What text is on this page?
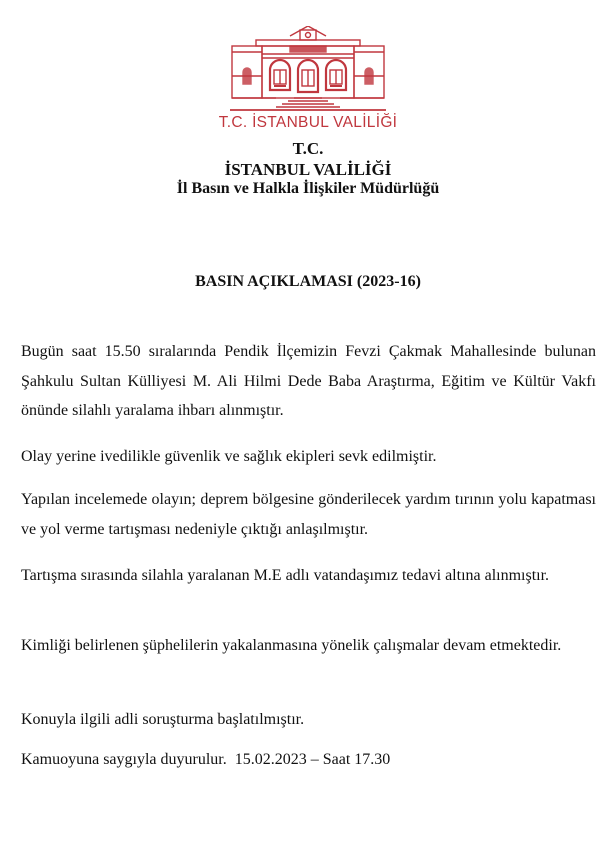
T.C. İSTANBUL VALİLİĞİ
T.C.
İSTANBUL VALİLİĞİ
İl Basın ve Halkla İlişkiler Müdürlüğü
BASIN AÇIKLAMASI (2023-16)

Bugün saat 15.50 sıralarında Pendik İlçemizin Fevzi Çakmak Mahallesinde bulunan Şahkulu Sultan Külliyesi M. Ali Hilmi Dede Baba Araştırma, Eğitim ve Kültür Vakfı önünde silahlı yaralama ihbarı alınmıştır.

Olay yerine ivedilikle güvenlik ve sağlık ekipleri sevk edilmiştir.

Yapılan incelemede olayın; deprem bölgesine gönderilecek yardım tırının yolu kapatması ve yol verme tartışması nedeniyle çıktığı anlaşılmıştır.

Tartışma sırasında silahla yaralanan M.E adlı vatandaşımız tedavi altına alınmıştır.

Kimliği belirlenen şüphelilerin yakalanmasına yönelik çalışmalar devam etmektedir.

Konuyla ilgili adli soruşturma başlatılmıştır.

Kamuoyuna saygıyla duyurulur.  15.02.2023 – Saat 17.30
